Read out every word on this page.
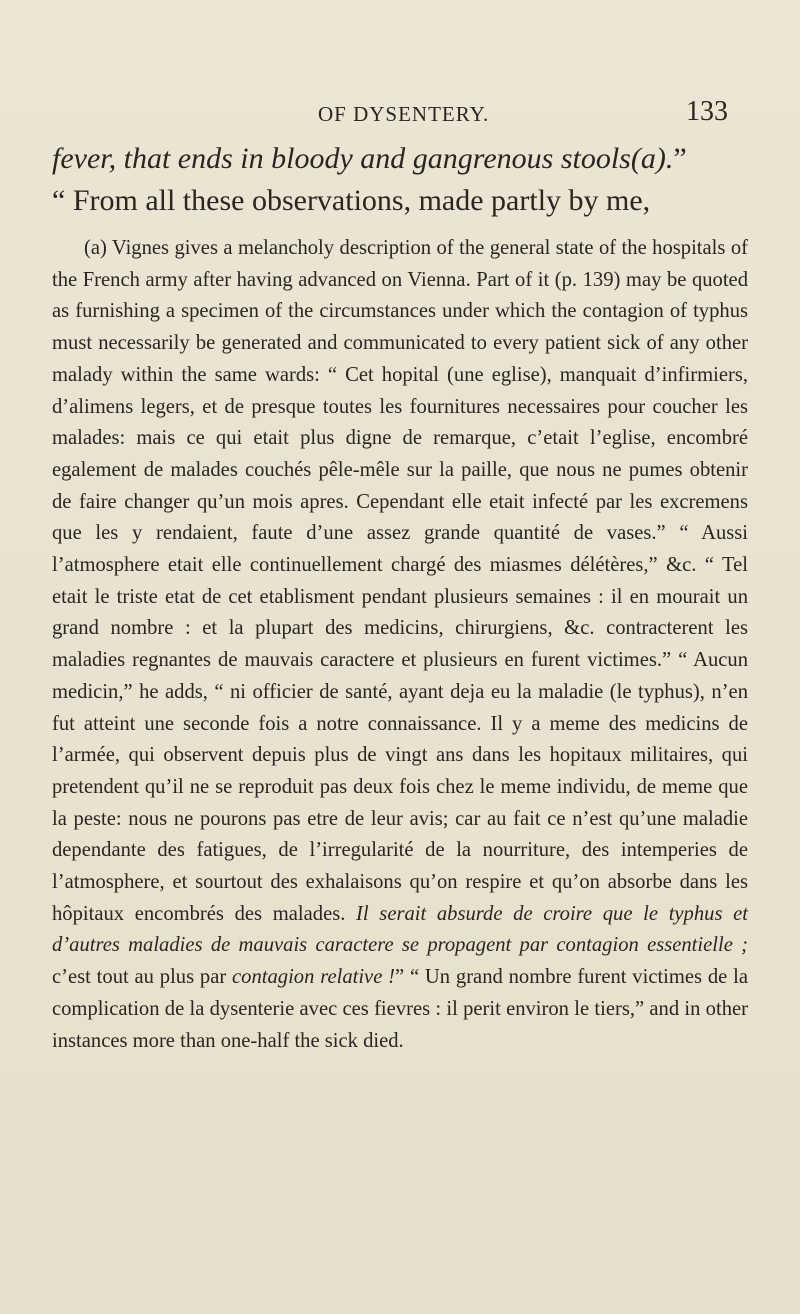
OF DYSENTERY.	133

fever, that ends in bloody and gangrenous stools(a).”
“ From all these observations, made partly by me,

(a) Vignes gives a melancholy description of the general state of the hospitals of the French army after having advanced on Vienna. Part of it (p. 139) may be quoted as furnishing a specimen of the circumstances under which the contagion of typhus must necessarily be generated and communicated to every patient sick of any other malady within the same wards: “ Cet hopital (une eglise), manquait d’infirmiers, d’alimens legers, et de presque toutes les fournitures necessaires pour coucher les malades: mais ce qui etait plus digne de remarque, c’etait l’eglise, encombré egalement de malades couchés pêle-mêle sur la paille, que nous ne pumes obtenir de faire changer qu’un mois apres. Cependant elle etait infecté par les excremens que les y rendaient, faute d’une assez grande quantité de vases.” “ Aussi l’atmosphere etait elle continuellement chargé des miasmes délétères,” &c. “ Tel etait le triste etat de cet etablisment pendant plusieurs semaines : il en mourait un grand nombre : et la plupart des medicins, chirurgiens, &c. contracterent les maladies regnantes de mauvais caractere et plusieurs en furent victimes.” “ Aucun medicin,” he adds, “ ni officier de santé, ayant deja eu la maladie (le typhus), n’en fut atteint une seconde fois a notre connaissance. Il y a meme des medicins de l’armée, qui observent depuis plus de vingt ans dans les hopitaux militaires, qui pretendent qu’il ne se reproduit pas deux fois chez le meme individu, de meme que la peste: nous ne pourons pas etre de leur avis; car au fait ce n’est qu’une maladie dependante des fatigues, de l’irregularité de la nourriture, des intemperies de l’atmosphere, et sourtout des exhalaisons qu’on respire et qu’on absorbe dans les hôpitaux encombrés des malades. Il serait absurde de croire que le typhus et d’autres maladies de mauvais caractere se propagent par contagion essentielle ; c’est tout au plus par contagion relative !” “ Un grand nombre furent victimes de la complication de la dysenterie avec ces fievres : il perit environ le tiers,” and in other instances more than one-half the sick died.
